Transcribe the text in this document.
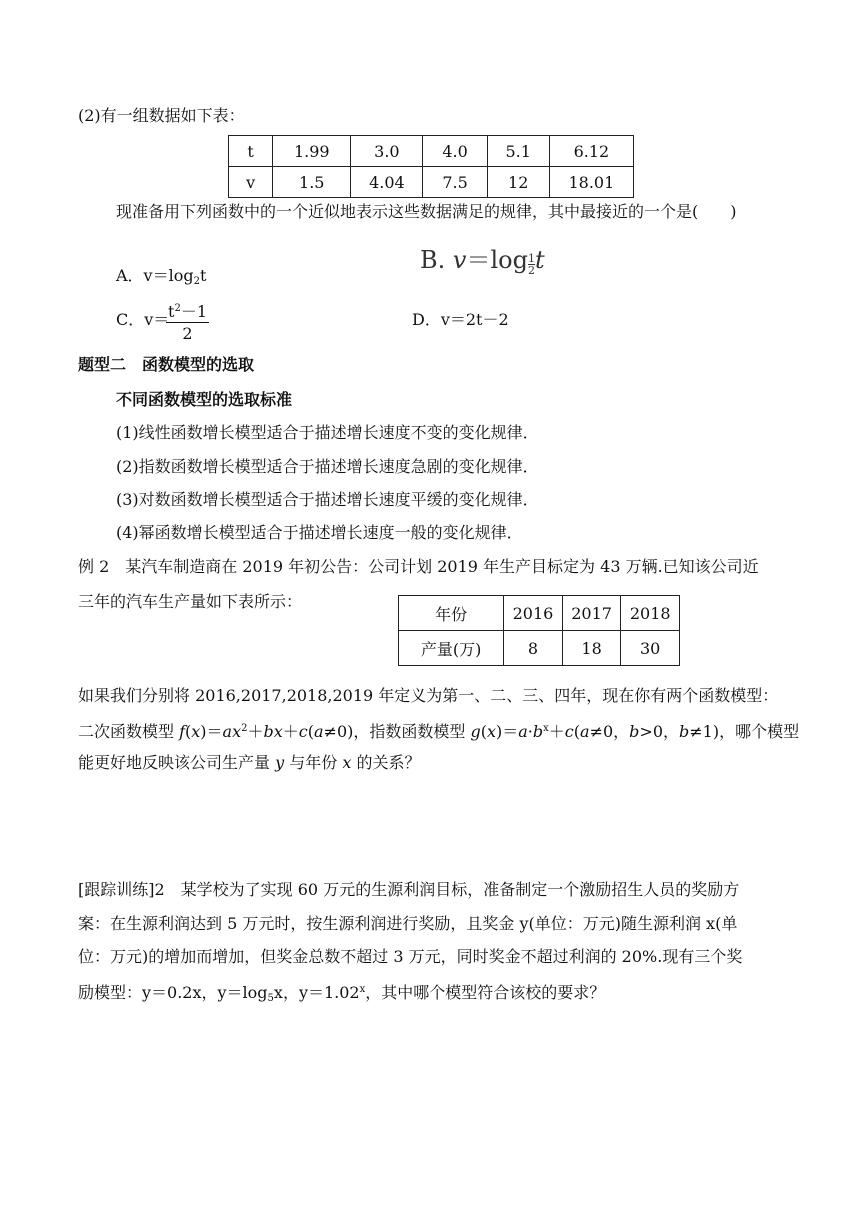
(2)有一组数据如下表：
t	1.99	3.0	4.0	5.1	6.12
v	1.5	4.04	7.5	12	18.01
现准备用下列函数中的一个近似地表示这些数据满足的规律，其中最接近的一个是(　　)
B. $v=\log \frac{1}{2}$ t
A．$v=\log_2t$
C．v＝
$\frac{t^2-1}{2}$	D．v＝2t－2
题型二　函数模型的选取
不同函数模型的选取标准
(1)线性函数增长模型适合于描述增长速度不变的变化规律．
(2)指数函数增长模型适合于描述增长速度急剧的变化规律．
(3)对数函数增长模型适合于描述增长速度平缓的变化规律．
(4)幂函数增长模型适合于描述增长速度一般的变化规律．
例 2　某汽车制造商在 2019 年初公告：公司计划 2019 年生产目标定为 43 万辆.已知该公司近
三年的汽车生产量如下表所示：
年份	2016	2017	2018
产量(万)	8	18	30
如果我们分别将 2016,2017,2018,2019 年定义为第一、二、三、四年，现在你有两个函数模型：
二次函数模型 $f(x)=ax^2+bx+c(a\ne 0)$，指数函数模型 $g(x)=a\cdot b^x+c(a\ne 0$，b>0，b≠1)，哪个模型
能更好地反映该公司生产量 y 与年份 x 的关系？
[跟踪训练]2　某学校为了实现 60 万元的生源利润目标，准备制定一个激励招生人员的奖励方
案：在生源利润达到 5 万元时，按生源利润进行奖励，且奖金 y(单位：万元)随生源利润 x(单
位：万元)的增加而增加，但奖金总数不超过 3 万元，同时奖金不超过利润的 20%.现有三个奖
励模型：y＝0.2x，$y=\log_5x$，$y=1.02^x$，其中哪个模型符合该校的要求？
